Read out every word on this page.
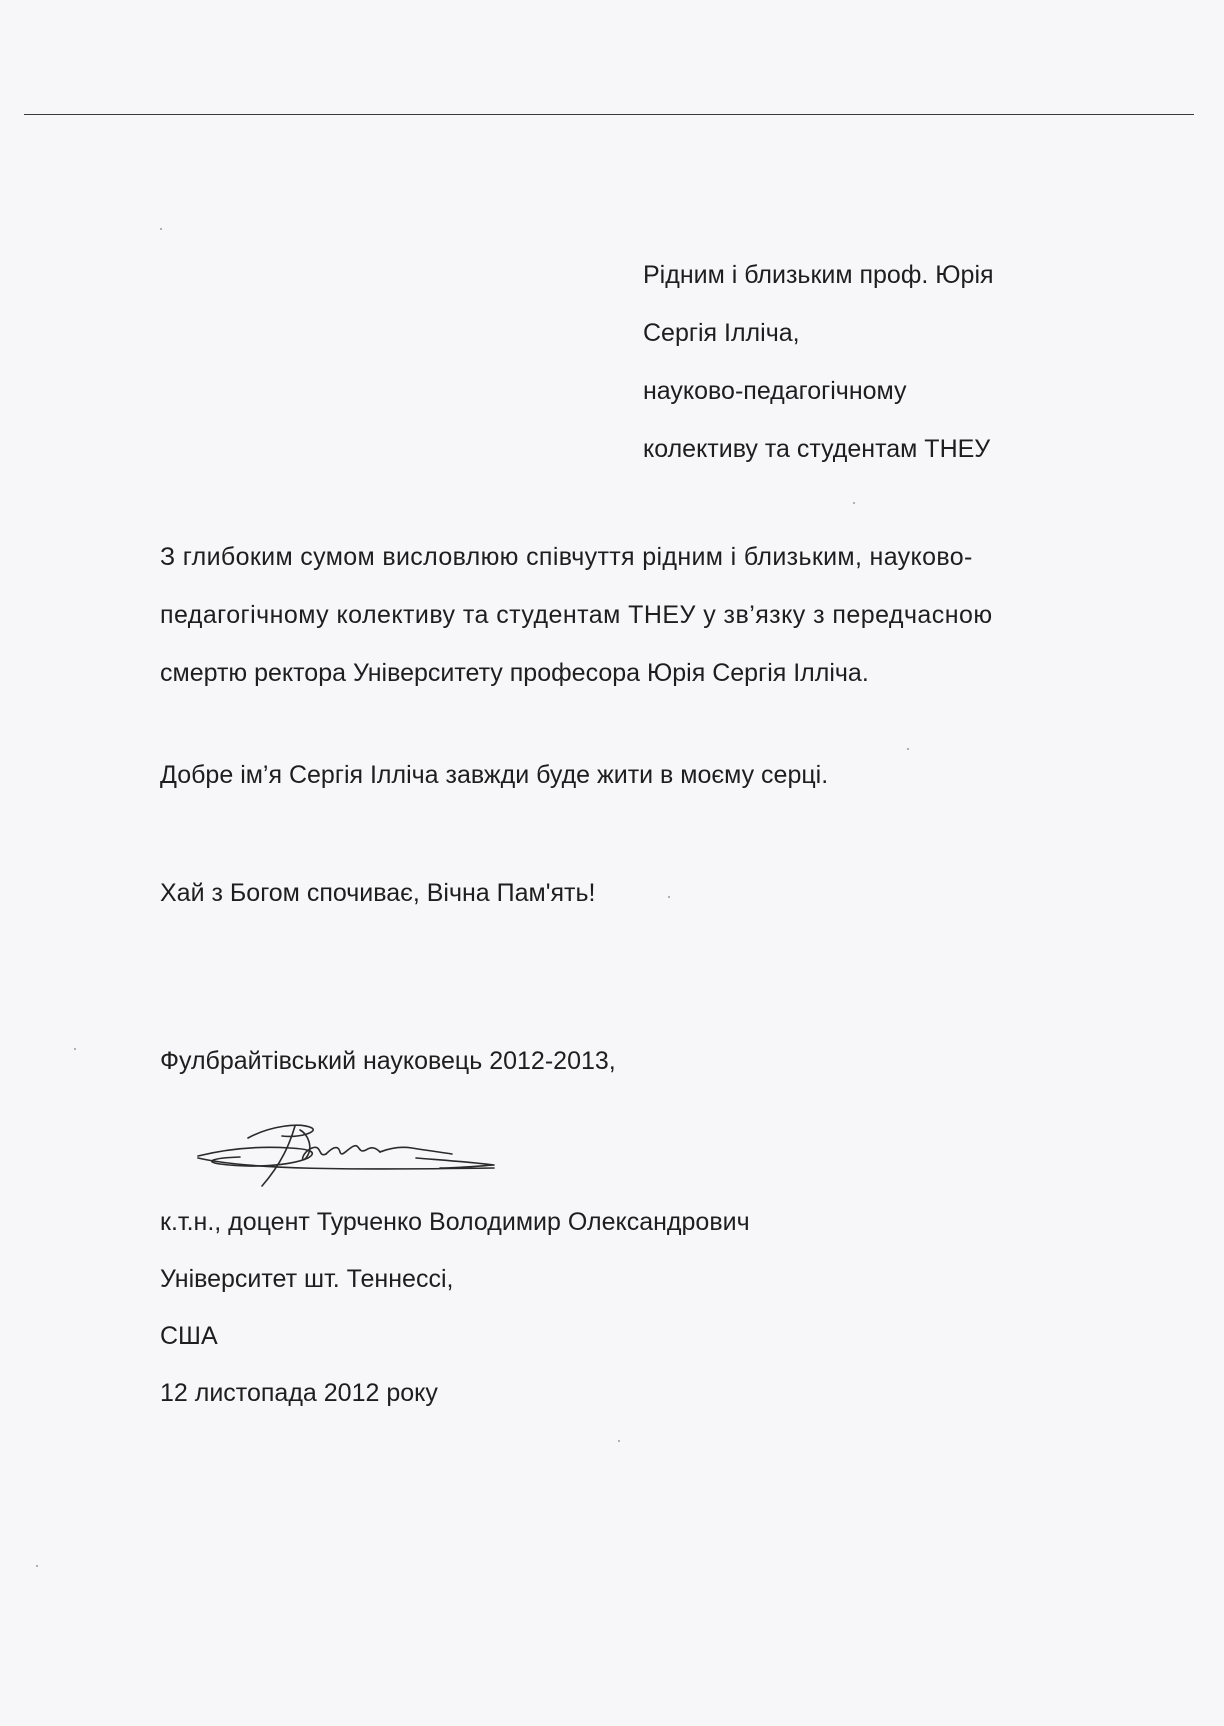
Рідним і близьким проф. Юрія
Сергія Ілліча,
науково-педагогічному
колективу та студентам ТНЕУ
З глибоким сумом висловлюю співчуття рідним і близьким, науково-
педагогічному колективу та студентам ТНЕУ у зв’язку з передчасною
смертю ректора Університету професора Юрія Сергія Ілліча.
Добре ім’я Сергія Ілліча завжди буде жити в моєму серці.
Хай з Богом спочиває, Вічна Пам'ять!
Фулбрайтівський науковець 2012-2013,
к.т.н., доцент Турченко Володимир Олександрович
Університет шт. Теннессі,
США
12 листопада 2012 року
